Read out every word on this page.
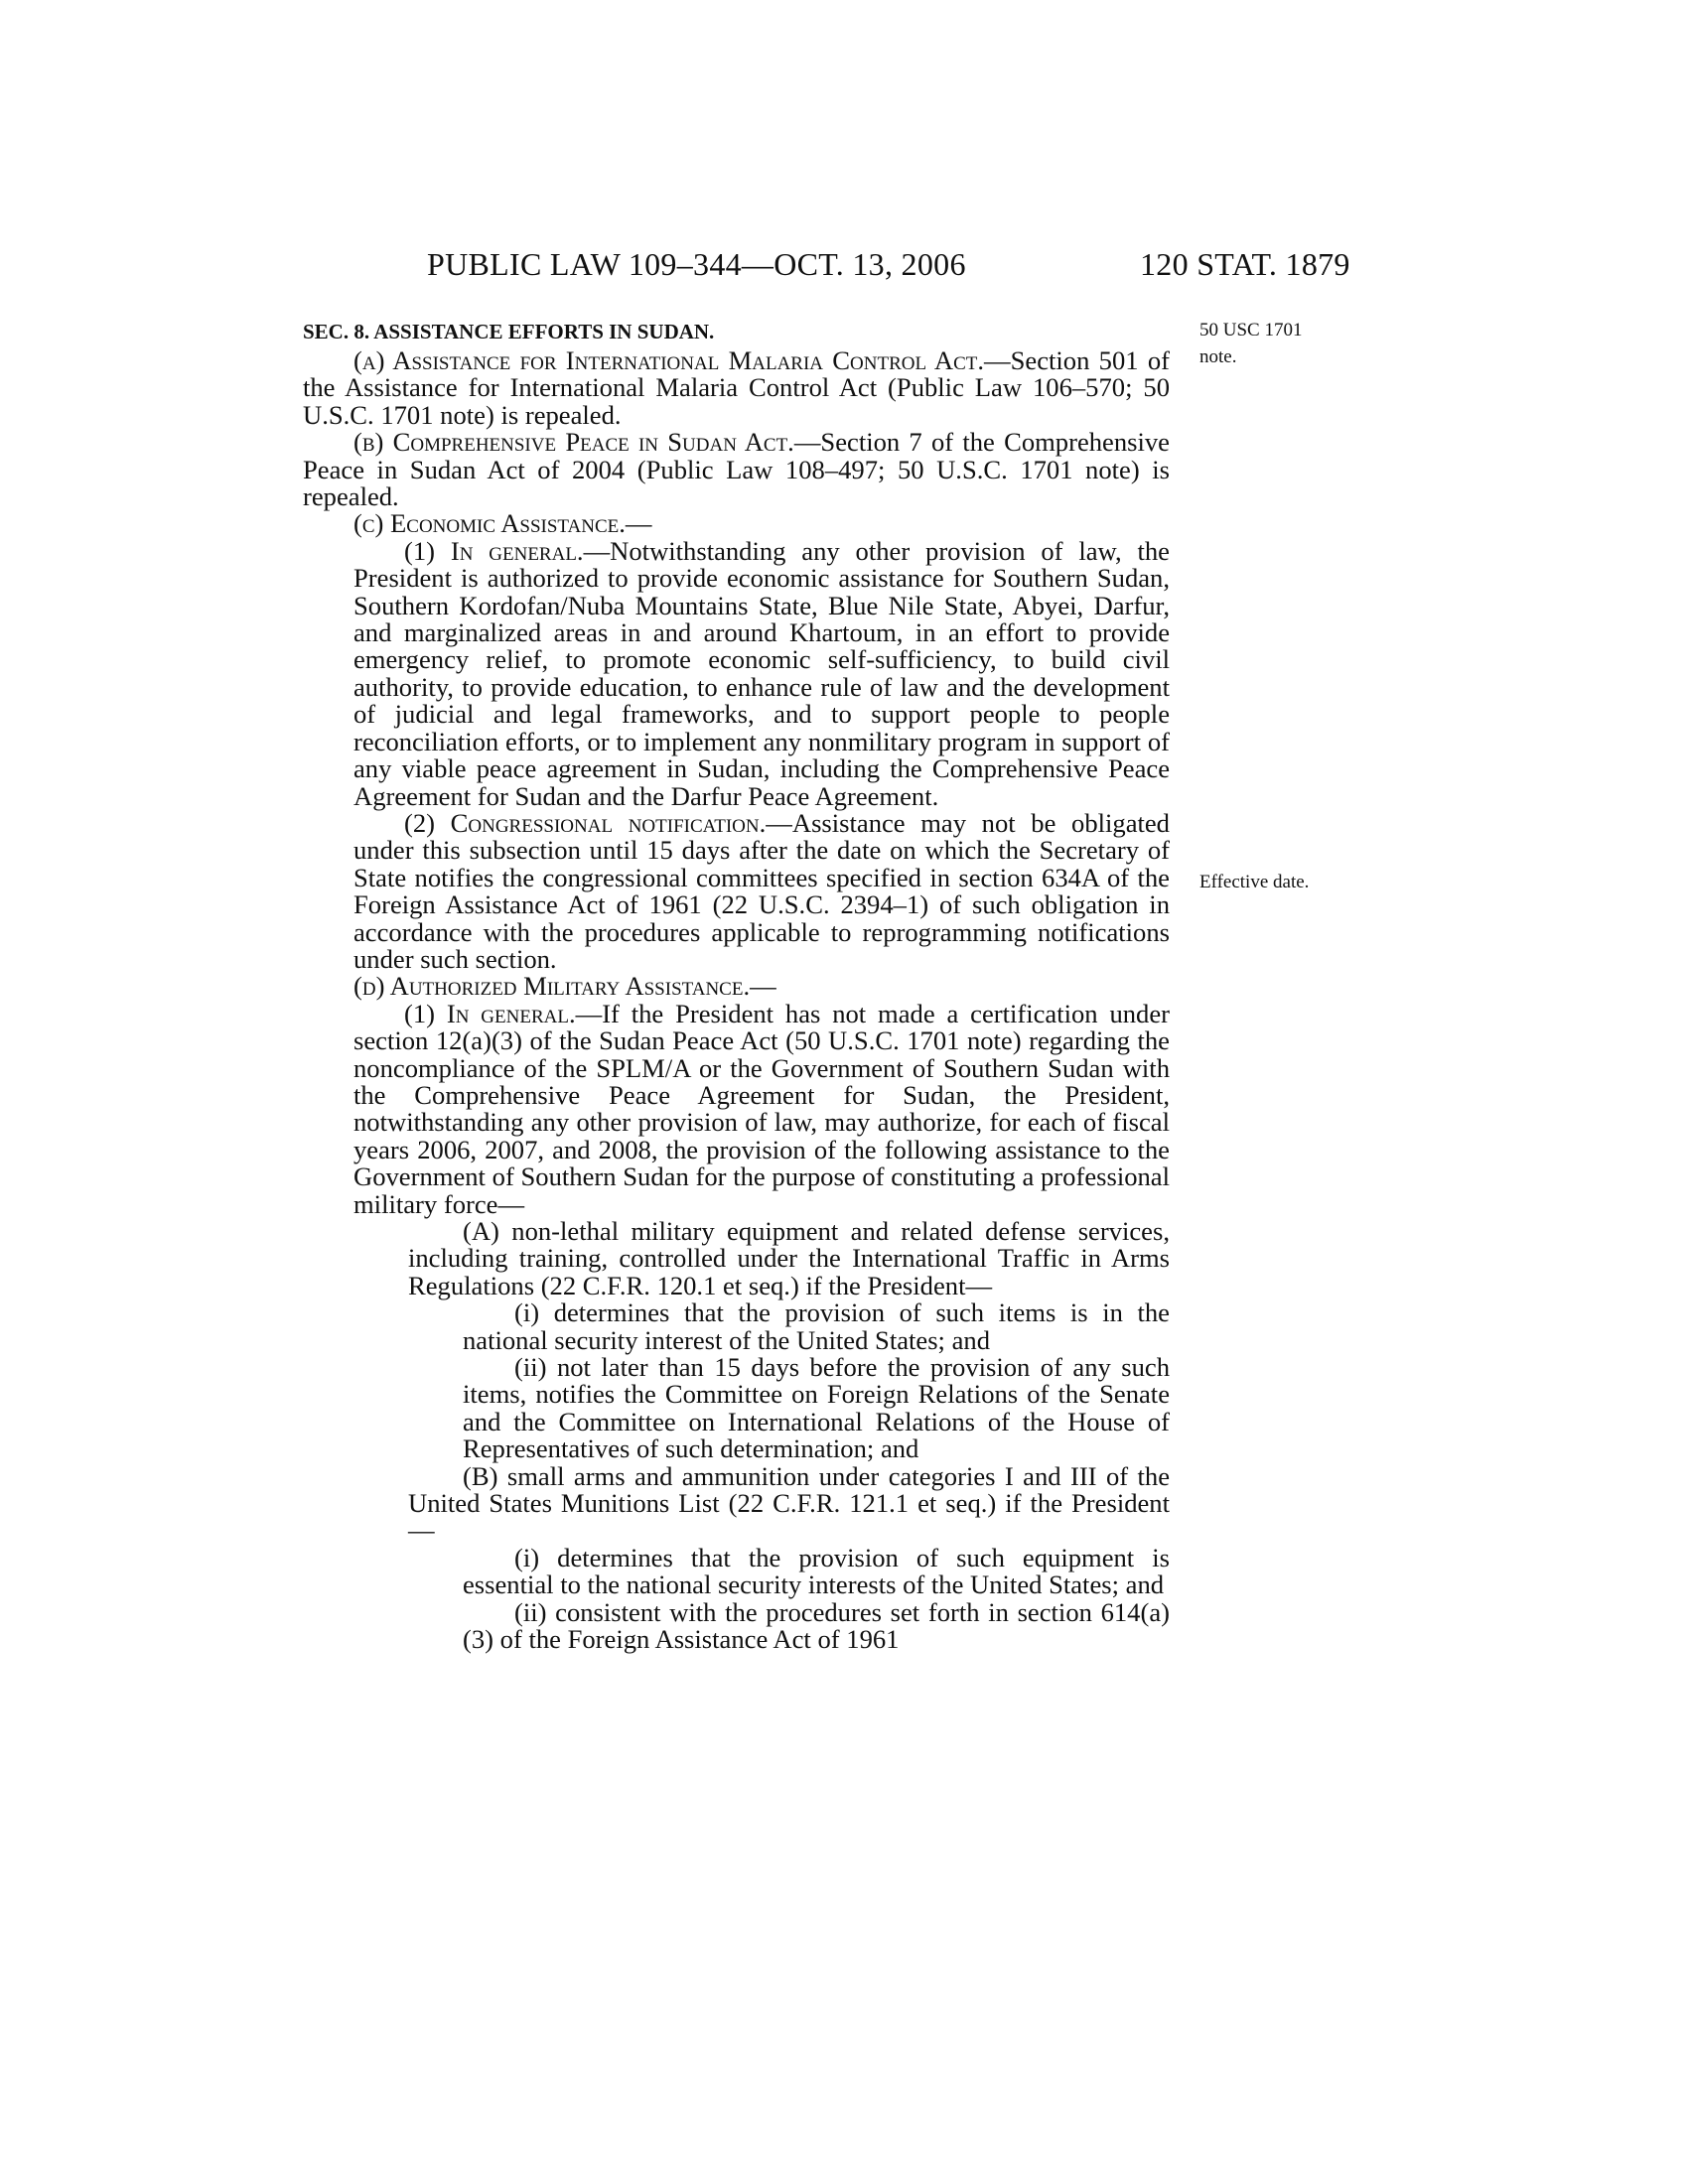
PUBLIC LAW 109–344—OCT. 13, 2006	120 STAT. 1879
SEC. 8. ASSISTANCE EFFORTS IN SUDAN.	50 USC 1701
note.
Effective date.

(a) Assistance for International Malaria Control Act.—Section 501 of the Assistance for International Malaria Control Act (Public Law 106–570; 50 U.S.C. 1701 note) is repealed.

(b) Comprehensive Peace in Sudan Act.—Section 7 of the Comprehensive Peace in Sudan Act of 2004 (Public Law 108–497; 50 U.S.C. 1701 note) is repealed.

(c) Economic Assistance.—

(1) In general.—Notwithstanding any other provision of law, the President is authorized to provide economic assistance for Southern Sudan, Southern Kordofan/Nuba Mountains State, Blue Nile State, Abyei, Darfur, and marginalized areas in and around Khartoum, in an effort to provide emergency relief, to promote economic self-sufficiency, to build civil authority, to provide education, to enhance rule of law and the development of judicial and legal frameworks, and to support people to people reconciliation efforts, or to implement any nonmilitary program in support of any viable peace agreement in Sudan, including the Comprehensive Peace Agreement for Sudan and the Darfur Peace Agreement.

(2) Congressional notification.—Assistance may not be obligated under this subsection until 15 days after the date on which the Secretary of State notifies the congressional committees specified in section 634A of the Foreign Assistance Act of 1961 (22 U.S.C. 2394–1) of such obligation in accordance with the procedures applicable to reprogramming notifications under such section.

(d) Authorized Military Assistance.—

(1) In general.—If the President has not made a certification under section 12(a)(3) of the Sudan Peace Act (50 U.S.C. 1701 note) regarding the noncompliance of the SPLM/A or the Government of Southern Sudan with the Comprehensive Peace Agreement for Sudan, the President, notwithstanding any other provision of law, may authorize, for each of fiscal years 2006, 2007, and 2008, the provision of the following assistance to the Government of Southern Sudan for the purpose of constituting a professional military force—

(A) non-lethal military equipment and related defense services, including training, controlled under the International Traffic in Arms Regulations (22 C.F.R. 120.1 et seq.) if the President—

(i) determines that the provision of such items is in the national security interest of the United States; and

(ii) not later than 15 days before the provision of any such items, notifies the Committee on Foreign Relations of the Senate and the Committee on International Relations of the House of Representatives of such determination; and

(B) small arms and ammunition under categories I and III of the United States Munitions List (22 C.F.R. 121.1 et seq.) if the President—

(i) determines that the provision of such equipment is essential to the national security interests of the United States; and

(ii) consistent with the procedures set forth in section 614(a)(3) of the Foreign Assistance Act of 1961
